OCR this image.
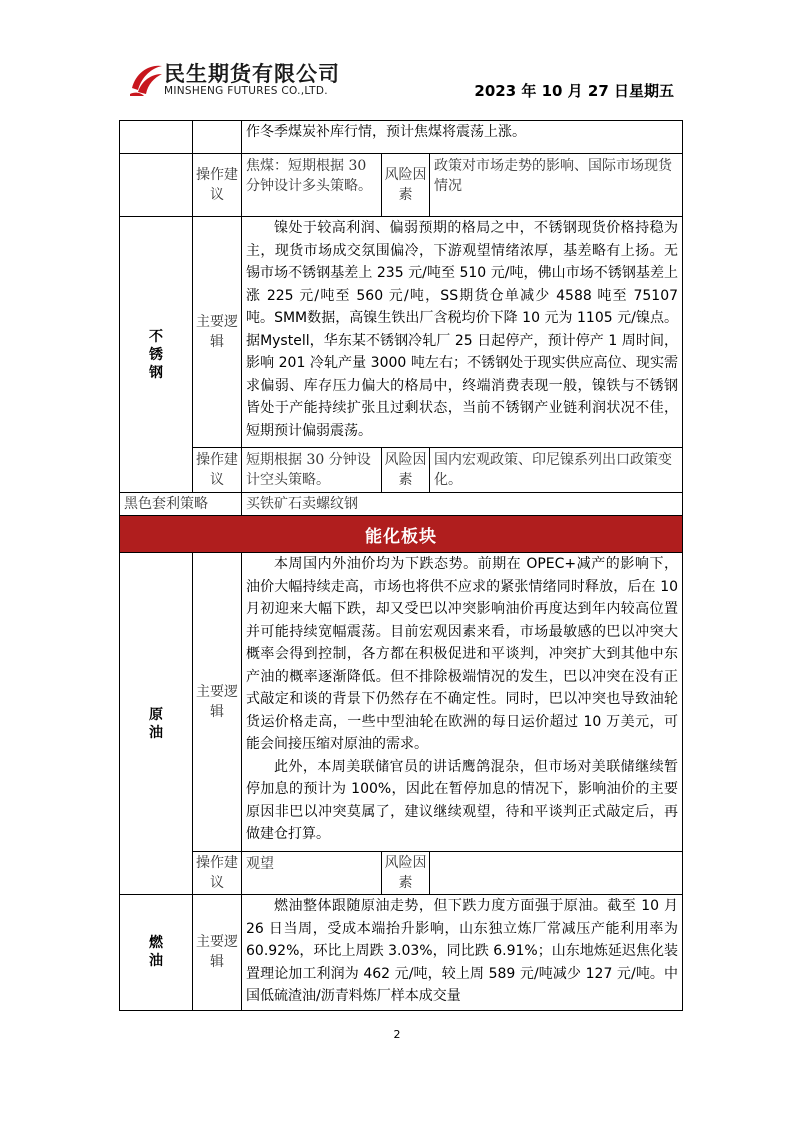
民生期货有限公司
MINSHENG FUTURES CO.,LTD.	2023 年 10 月 27 日星期五

		作冬季煤炭补库行情，预计焦煤将震荡上涨。		

	操作建议	焦煤：短期根据 30 分钟设计多头策略。	风险因素	政策对市场走势的影响、国际市场现货情况
不锈钢	主要逻辑	镍处于较高利润、偏弱预期的格局之中，不锈钢现货价格持稳为主，现货市场成交氛围偏冷，下游观望情绪浓厚，基差略有上扬。无锡市场不锈钢基差上 235 元/吨至 510 元/吨，佛山市场不锈钢基差上涨 225 元/吨至 560 元/吨，SS期货仓单减少 4588 吨至 75107 吨。SMM数据，高镍生铁出厂含税均价下降 10 元为 1105 元/镍点。据Mystell，华东某不锈钢冷轧厂 25 日起停产，预计停产 1 周时间，影响 201 冷轧产量 3000 吨左右；不锈钢处于现实供应高位、现实需求偏弱、库存压力偏大的格局中，终端消费表现一般，镍铁与不锈钢皆处于产能持续扩张且过剩状态，当前不锈钢产业链利润状况不佳，短期预计偏弱震荡。		

	操作建议	短期根据 30 分钟设计空头策略。	风险因素	国内宏观政策、印尼镍系列出口政策变化。
黑色套利策略		买铁矿石卖螺纹钢		
能化板块				
原油	主要逻辑	本周国内外油价均为下跌态势。前期在 OPEC+减产的影响下，油价大幅持续走高，市场也将供不应求的紧张情绪同时释放，后在 10 月初迎来大幅下跌，却又受巴以冲突影响油价再度达到年内较高位置并可能持续宽幅震荡。目前宏观因素来看，市场最敏感的巴以冲突大概率会得到控制，各方都在积极促进和平谈判，冲突扩大到其他中东产油的概率逐渐降低。但不排除极端情况的发生，巴以冲突在没有正式敲定和谈的背景下仍然存在不确定性。同时，巴以冲突也导致油轮货运价格走高，一些中型油轮在欧洲的每日运价超过 10 万美元，可能会间接压缩对原油的需求。

此外，本周美联储官员的讲话鹰鸽混杂，但市场对美联储继续暂停加息的预计为 100%，因此在暂停加息的情况下，影响油价的主要原因非巴以冲突莫属了，建议继续观望，待和平谈判正式敲定后，再做建仓打算。		

	操作建议	观望	风险因素	
燃油	主要逻辑	燃油整体跟随原油走势，但下跌力度方面强于原油。截至 10 月 26 日当周，受成本端抬升影响，山东独立炼厂常减压产能利用率为 60.92%，环比上周跌 3.03%，同比跌 6.91%；山东地炼延迟焦化装置理论加工利润为 462 元/吨，较上周 589 元/吨减少 127 元/吨。中国低硫渣油/沥青料炼厂样本成交量		

2
